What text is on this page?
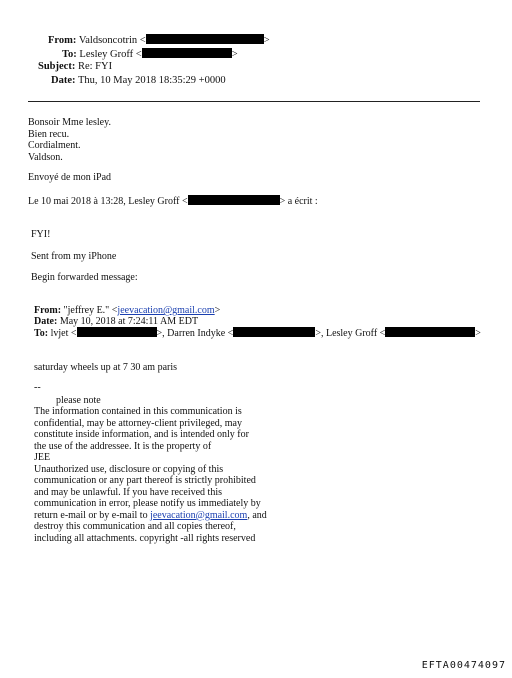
From: Valdsoncotrin <	>
To: Lesley Groff <	>
Subject: Re: FYI
Date: Thu, 10 May 2018 18:35:29 +0000
Bonsoir Mme lesley.
Bien recu.
Cordialment.
Valdson.
Envoyé de mon iPad
Le 10 mai 2018 à 13:28, Lesley Groff <	> a écrit :
FYI!
Sent from my iPhone
Begin forwarded message:
From: "jeffrey E." <jeevacation@gmail.com>
Date: May 10, 2018 at 7:24:11 AM EDT
To: lvjet <	>, Darren Indyke <	>, Lesley Groff <	>
saturday wheels up at 7 30 am paris
--
please note
The information contained in this communication is
confidential, may be attorney-client privileged, may
constitute inside information, and is intended only for
the use of the addressee. It is the property of
JEE
Unauthorized use, disclosure or copying of this
communication or any part thereof is strictly prohibited
and may be unlawful. If you have received this
communication in error, please notify us immediately by
return e-mail or by e-mail to jeevacation@gmail.com, and
destroy this communication and all copies thereof,
including all attachments. copyright -all rights reserved
EFTA00474097
